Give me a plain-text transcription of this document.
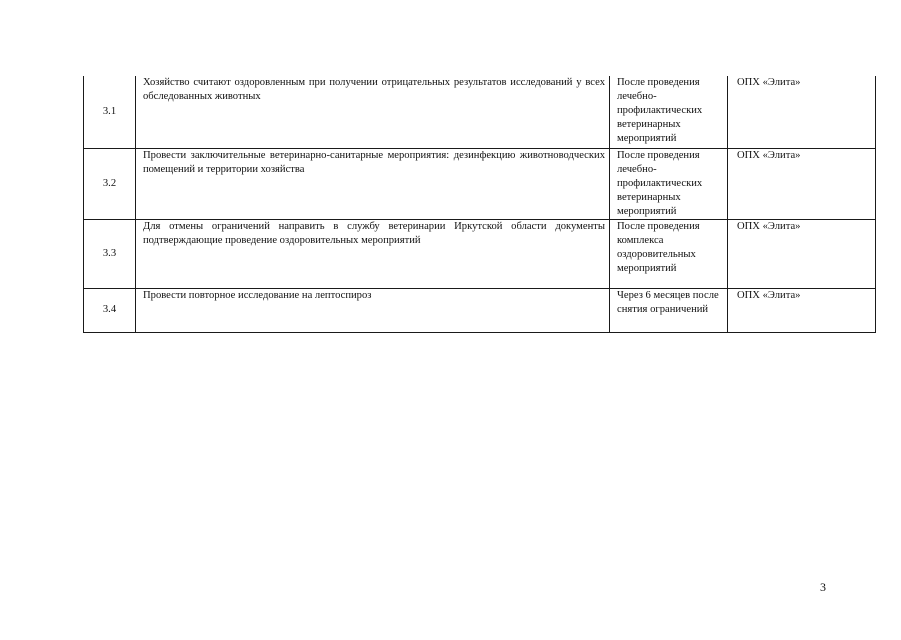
3.1	Хозяйство считают оздоровленным при получении отрицательных результатов исследований у всех обследованных животных	После проведения лечебно-профилактических ветеринарных мероприятий	ОПХ «Элита»
3.2	Провести заключительные ветеринарно-санитарные мероприятия: дезинфекцию животноводческих помещений и территории хозяйства	После проведения лечебно-профилактических ветеринарных мероприятий	ОПХ «Элита»
3.3	Для отмены ограничений направить в службу ветеринарии Иркутской области документы подтверждающие проведение оздоровительных мероприятий	После проведения комплекса оздоровительных мероприятий	ОПХ «Элита»
3.4	Провести повторное исследование на лептоспироз	Через 6 месяцев после снятия ограничений	ОПХ «Элита»
3
